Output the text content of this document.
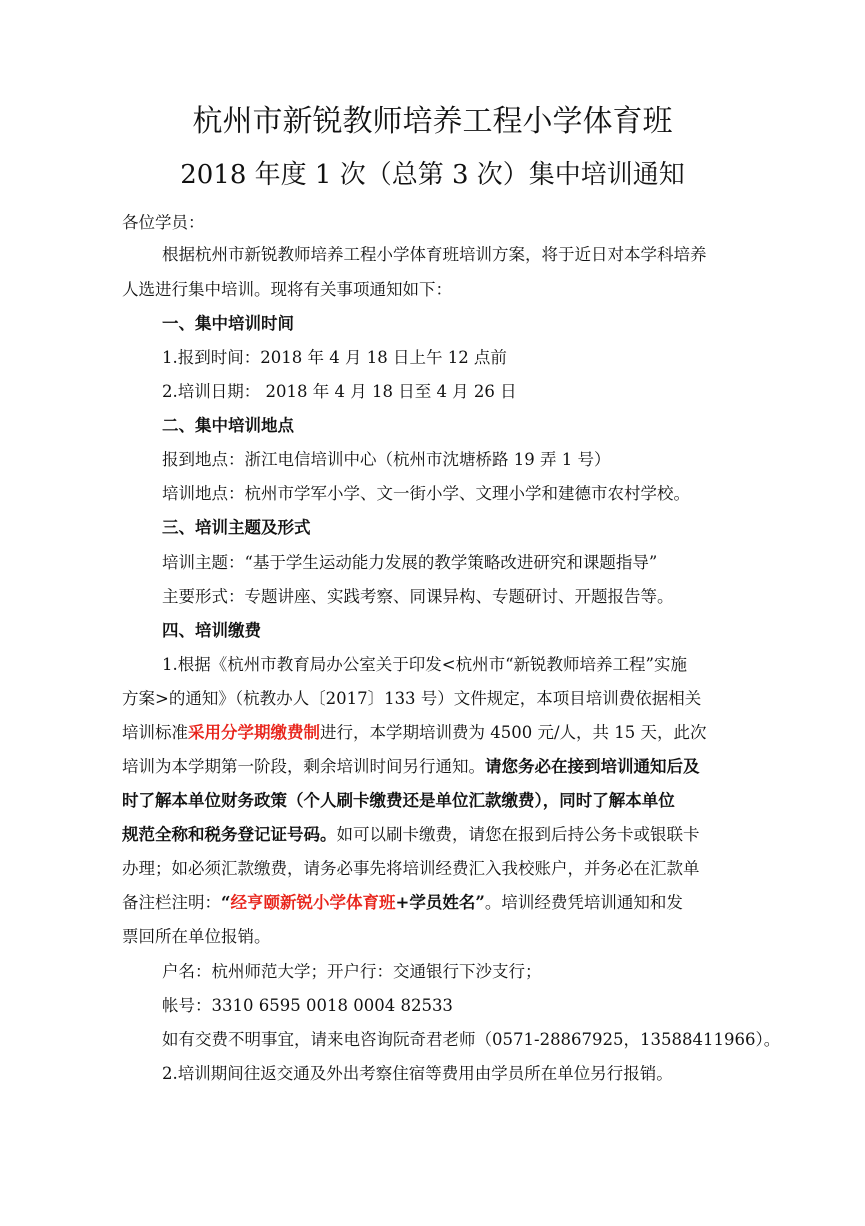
杭州市新锐教师培养工程小学体育班
2018 年度 1 次（总第 3 次）集中培训通知

各位学员：

根据杭州市新锐教师培养工程小学体育班培训方案，将于近日对本学科培养

人选进行集中培训。现将有关事项通知如下：

一、集中培训时间

1.报到时间：2018 年 4 月 18 日上午 12 点前

2.培训日期： 2018 年 4 月 18 日至 4 月 26 日

二、集中培训地点

报到地点：浙江电信培训中心（杭州市沈塘桥路 19 弄 1 号）

培训地点：杭州市学军小学、文一街小学、文理小学和建德市农村学校。

三、培训主题及形式

培训主题：“基于学生运动能力发展的教学策略改进研究和课题指导”

主要形式：专题讲座、实践考察、同课异构、专题研讨、开题报告等。

四、培训缴费

1.根据《杭州市教育局办公室关于印发<杭州市“新锐教师培养工程”实施

方案>的通知》（杭教办人〔2017〕133 号）文件规定，本项目培训费依据相关

培训标准采用分学期缴费制进行，本学期培训费为 4500 元/人，共 15 天，此次

培训为本学期第一阶段，剩余培训时间另行通知。请您务必在接到培训通知后及

时了解本单位财务政策（个人刷卡缴费还是单位汇款缴费），同时了解本单位

规范全称和税务登记证号码。如可以刷卡缴费，请您在报到后持公务卡或银联卡

办理；如必须汇款缴费，请务必事先将培训经费汇入我校账户，并务必在汇款单

备注栏注明：“经亨颐新锐小学体育班+学员姓名”。培训经费凭培训通知和发

票回所在单位报销。

户名：杭州师范大学；开户行：交通银行下沙支行；

帐号：3310 6595 0018 0004 82533

如有交费不明事宜，请来电咨询阮奇君老师（0571-28867925，13588411966）。

2.培训期间往返交通及外出考察住宿等费用由学员所在单位另行报销。
